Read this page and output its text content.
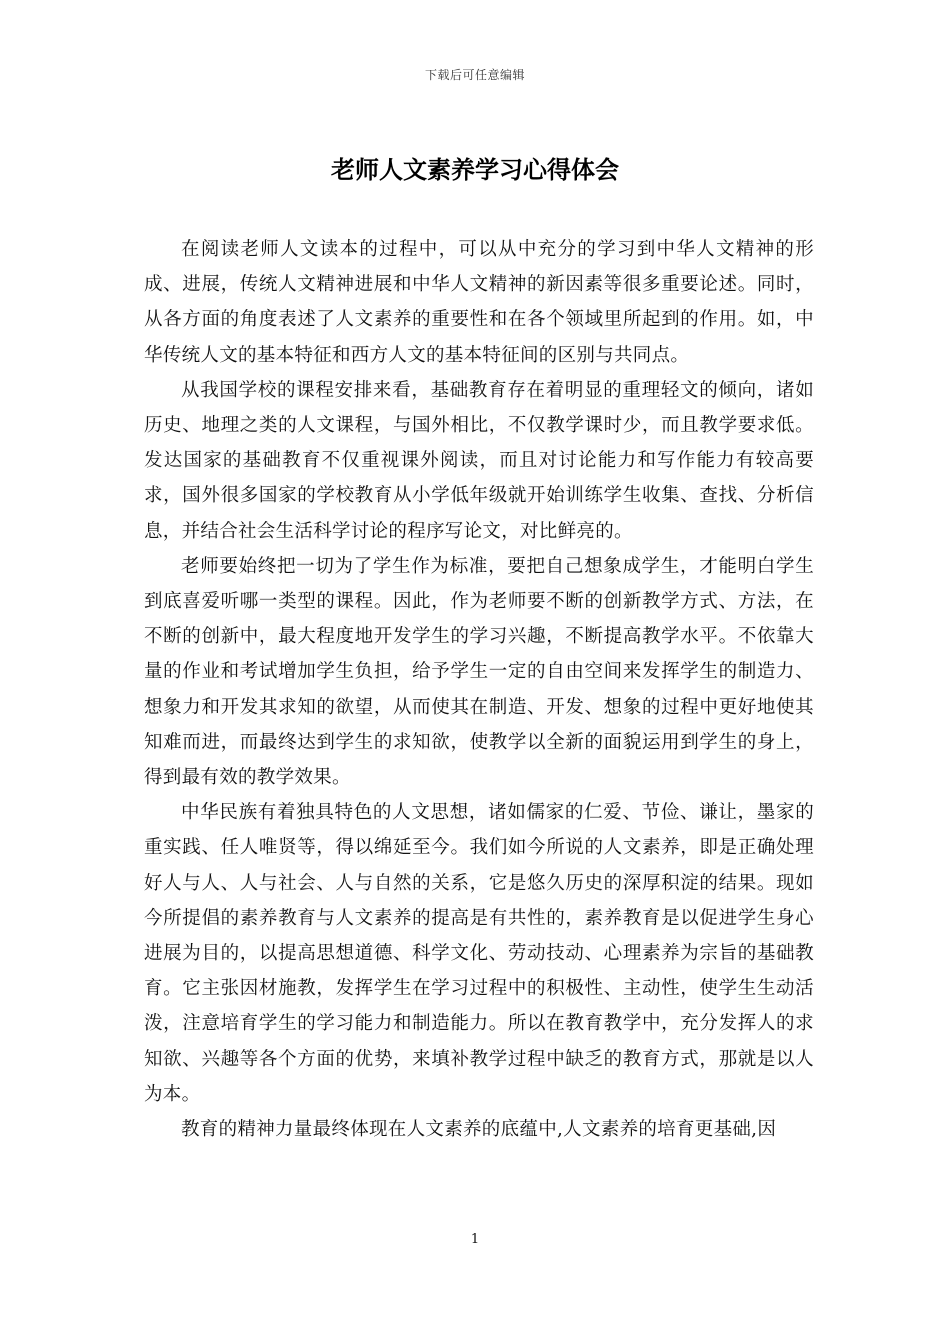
下载后可任意编辑
老师人文素养学习心得体会

在阅读老师人文读本的过程中，可以从中充分的学习到中华人文精神的形成、进展，传统人文精神进展和中华人文精神的新因素等很多重要论述。同时，从各方面的角度表述了人文素养的重要性和在各个领域里所起到的作用。如，中华传统人文的基本特征和西方人文的基本特征间的区别与共同点。

从我国学校的课程安排来看，基础教育存在着明显的重理轻文的倾向，诸如历史、地理之类的人文课程，与国外相比，不仅教学课时少，而且教学要求低。发达国家的基础教育不仅重视课外阅读，而且对讨论能力和写作能力有较高要求，国外很多国家的学校教育从小学低年级就开始训练学生收集、查找、分析信息，并结合社会生活科学讨论的程序写论文，对比鲜亮的。

老师要始终把一切为了学生作为标准，要把自己想象成学生，才能明白学生到底喜爱听哪一类型的课程。因此，作为老师要不断的创新教学方式、方法，在不断的创新中，最大程度地开发学生的学习兴趣，不断提高教学水平。不依靠大量的作业和考试增加学生负担，给予学生一定的自由空间来发挥学生的制造力、想象力和开发其求知的欲望，从而使其在制造、开发、想象的过程中更好地使其知难而进，而最终达到学生的求知欲，使教学以全新的面貌运用到学生的身上，得到最有效的教学效果。

中华民族有着独具特色的人文思想，诸如儒家的仁爱、节俭、谦让，墨家的重实践、任人唯贤等，得以绵延至今。我们如今所说的人文素养，即是正确处理好人与人、人与社会、人与自然的关系，它是悠久历史的深厚积淀的结果。现如今所提倡的素养教育与人文素养的提高是有共性的，素养教育是以促进学生身心进展为目的，以提高思想道德、科学文化、劳动技动、心理素养为宗旨的基础教育。它主张因材施教，发挥学生在学习过程中的积极性、主动性，使学生生动活泼，注意培育学生的学习能力和制造能力。所以在教育教学中，充分发挥人的求知欲、兴趣等各个方面的优势，来填补教学过程中缺乏的教育方式，那就是以人为本。

教育的精神力量最终体现在人文素养的底蕴中,人文素养的培育更基础,因

1
